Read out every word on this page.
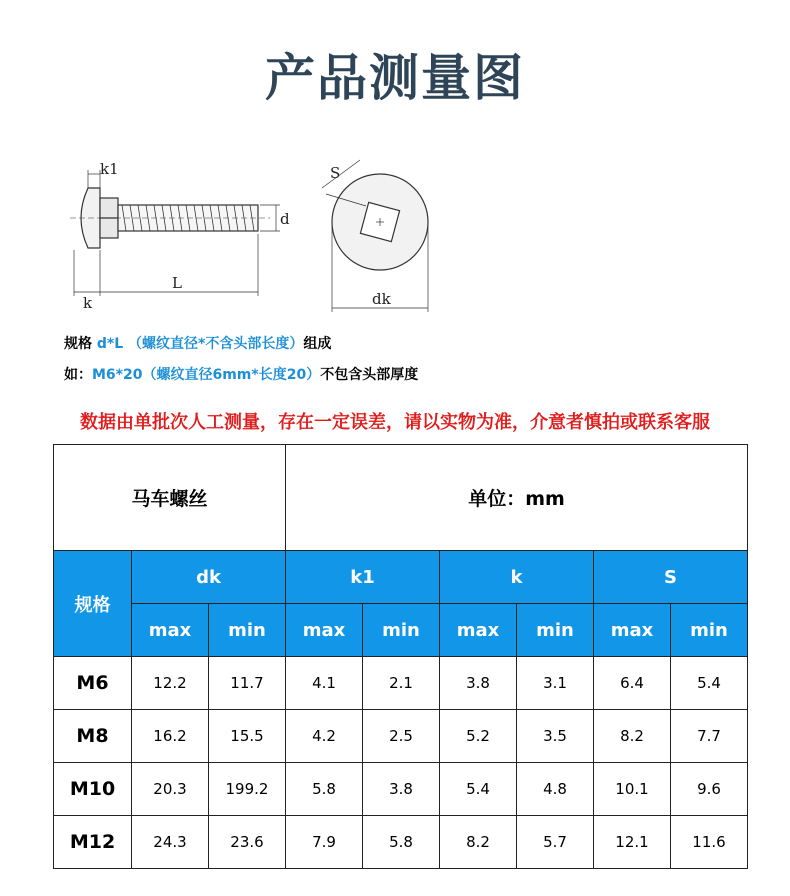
产品测量图
k1
k
L
d
S
dk
规格 d*L （螺纹直径*不含头部长度）组成
如：M6*20（螺纹直径6mm*长度20）不包含头部厚度
数据由单批次人工测量，存在一定误差，请以实物为准，介意者慎拍或联系客服
马车螺丝			单位：mm					
规格	dk		k1		k		S	
	max	min	max	min	max	min	max	min
M6	12.2	11.7	4.1	2.1	3.8	3.1	6.4	5.4
M8	16.2	15.5	4.2	2.5	5.2	3.5	8.2	7.7
M10	20.3	199.2	5.8	3.8	5.4	4.8	10.1	9.6
M12	24.3	23.6	7.9	5.8	8.2	5.7	12.1	11.6
